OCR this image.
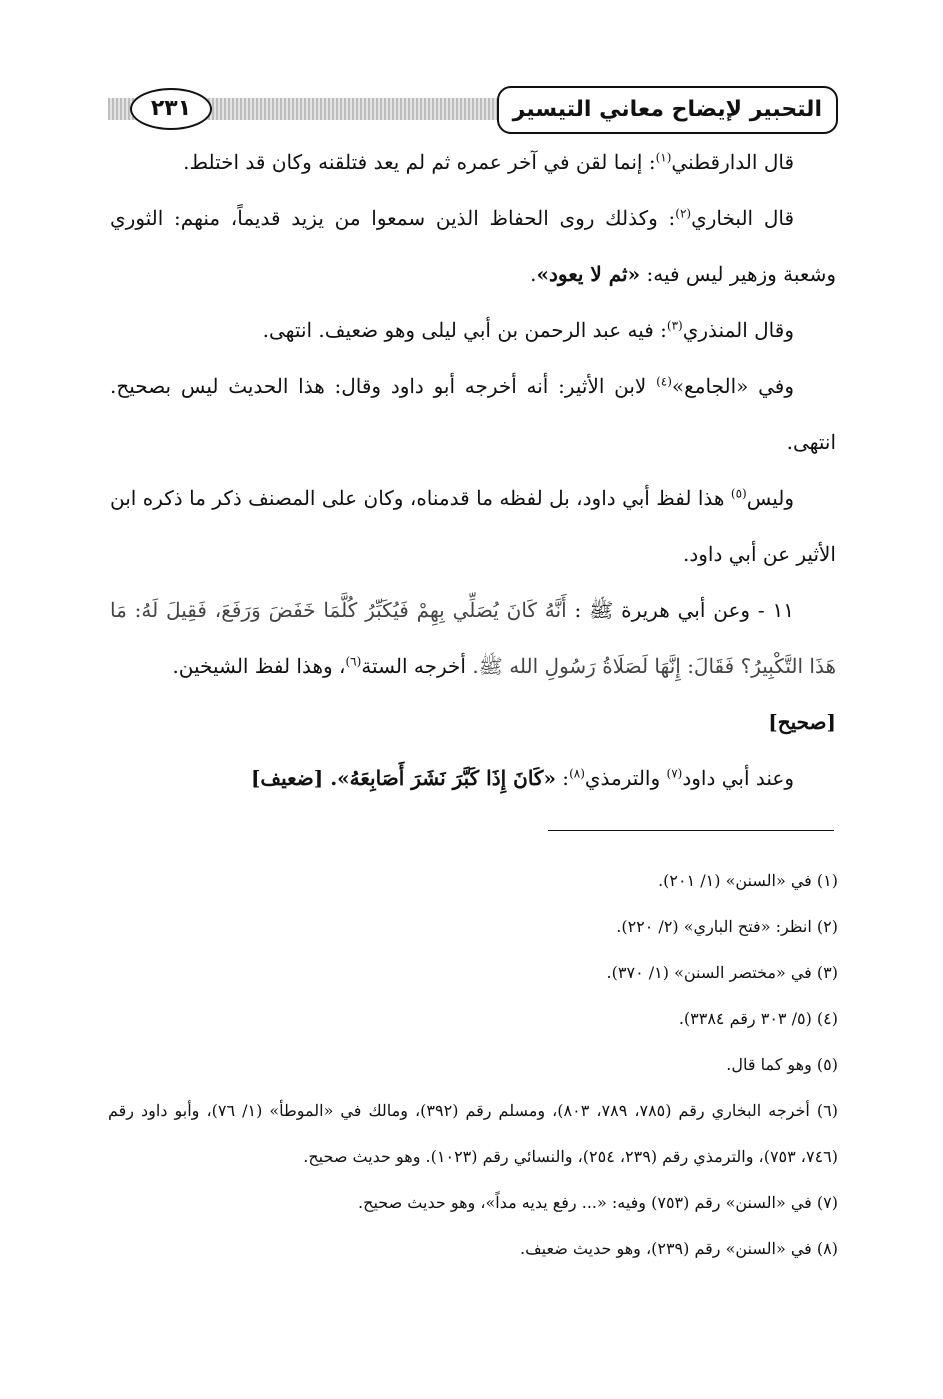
التحبير لإيضاح معاني التيسير
٢٣١

قال الدارقطني$^{(١)}$: إنما لقن في آخر عمره ثم لم يعد فتلقنه وكان قد اختلط.

قال البخاري$^{(٢)}$: وكذلك روى الحفاظ الذين سمعوا من يزيد قديماً، منهم: الثوري وشعبة وزهير ليس فيه: «ثم لا يعود».

وقال المنذري$^{(٣)}$: فيه عبد الرحمن بن أبي ليلى وهو ضعيف. انتهى.

وفي «الجامع»$^{(٤)}$ لابن الأثير: أنه أخرجه أبو داود وقال: هذا الحديث ليس بصحيح. انتهى.

وليس$^{(٥)}$ هذا لفظ أبي داود، بل لفظه ما قدمناه، وكان على المصنف ذكر ما ذكره ابن الأثير عن أبي داود.

١١ - وعن أبي هريرة ﷺ : أَنَّهُ كَانَ يُصَلِّي بِهِمْ فَيُكَبِّرُ كُلَّمَا خَفَضَ وَرَفَعَ، فَقِيلَ لَهُ: مَا هَذَا التَّكْبِيرُ؟ فَقَالَ: إِنَّهَا لَصَلَاةُ رَسُولِ الله ﷺ. أخرجه الستة$^{(٦)}$، وهذا لفظ الشيخين.
[صحيح]

وعند أبي داود$^{(٧)}$ والترمذي$^{(٨)}$: «كَانَ إِذَا كَبَّرَ نَشَرَ أَصَابِعَهُ». [ضعيف]

(١) في «السنن» (١/ ٢٠١).

(٢) انظر: «فتح الباري» (٢/ ٢٢٠).

(٣) في «مختصر السنن» (١/ ٣٧٠).

(٤) (٥/ ٣٠٣ رقم ٣٣٨٤).

(٥) وهو كما قال.

(٦) أخرجه البخاري رقم (٧٨٥، ٧٨٩، ٨٠٣)، ومسلم رقم (٣٩٢)، ومالك في «الموطأ» (١/ ٧٦)، وأبو داود رقم (٧٤٦، ٧٥٣)، والترمذي رقم (٢٣٩، ٢٥٤)، والنسائي رقم (١٠٢٣). وهو حديث صحيح.

(٧) في «السنن» رقم (٧٥٣) وفيه: «... رفع يديه مداً»، وهو حديث صحيح.

(٨) في «السنن» رقم (٢٣٩)، وهو حديث ضعيف.
